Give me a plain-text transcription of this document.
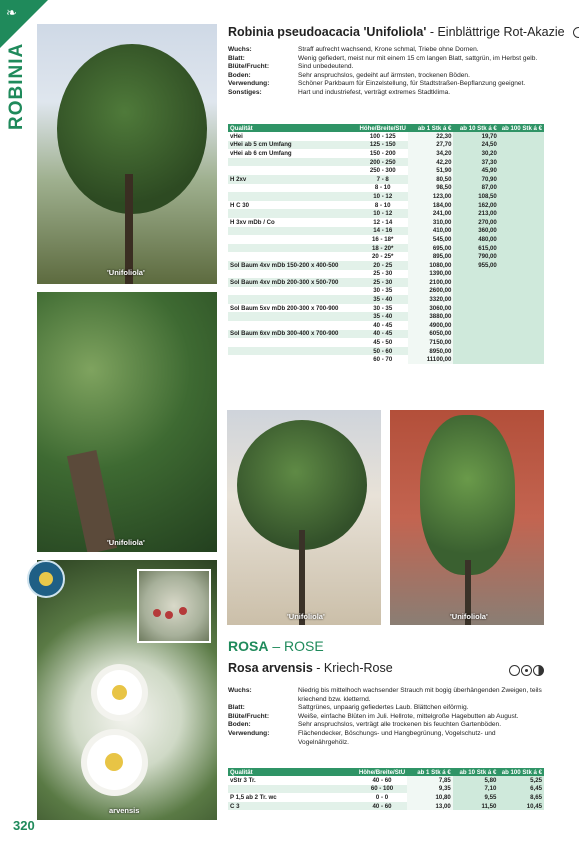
❧
ROBINIA
'Unifoliola'
'Unifoliola'
arvensis
'Unifoliola'	'Unifoliola'
Robinia pseudoacacia 'Unifoliola' - Einblättrige Rot-Akazie
Wuchs:	Straff aufrecht wachsend, Krone schmal, Triebe ohne Dornen.
Blatt:	Wenig gefiedert, meist nur mit einem 15 cm langen Blatt, sattgrün, im Herbst gelb.
Blüte/Frucht:	Sind unbedeutend.
Boden:	Sehr anspruchslos, gedeiht auf ärmsten, trockenen Böden.
Verwendung:	Schöner Parkbaum für Einzelstellung, für Stadtstraßen-Bepflanzung geeignet.
Sonstiges:	Hart und industriefest, verträgt extremes Stadtklima.
Qualität	Höhe/Breite/StU	ab 1 Stk á €	ab 10 Stk á €	ab 100 Stk á €
vHei	100 - 125	22,30	19,70	
vHei ab 5 cm Umfang	125 - 150	27,70	24,50	
vHei ab 6 cm Umfang	150 - 200	34,20	30,20	
	200 - 250	42,20	37,30	
	250 - 300	51,90	45,90	
H 2xv	7 - 8	80,50	70,90	
	8 - 10	98,50	87,00	
	10 - 12	123,00	108,50	
H C 30	8 - 10	184,00	162,00	
	10 - 12	241,00	213,00	
H 3xv mDb / Co	12 - 14	310,00	270,00	
	14 - 16	410,00	360,00	
	16 - 18*	545,00	480,00	
	18 - 20*	695,00	615,00	
	20 - 25*	895,00	790,00	
Sol Baum 4xv mDb 150-200 x 400-500	20 - 25	1080,00	955,00	
	25 - 30	1390,00		
Sol Baum 4xv mDb 200-300 x 500-700	25 - 30	2100,00		
	30 - 35	2600,00		
	35 - 40	3320,00		
Sol Baum 5xv mDb 200-300 x 700-900	30 - 35	3060,00		
	35 - 40	3880,00		
	40 - 45	4900,00		
Sol Baum 6xv mDb 300-400 x 700-900	40 - 45	6050,00		
	45 - 50	7150,00		
	50 - 60	8950,00		
	60 - 70	11100,00		
ROSA – ROSE
Rosa arvensis - Kriech-Rose
Wuchs:	Niedrig bis mittelhoch wachsender Strauch mit bogig überhängenden Zweigen, teils kriechend bzw. kletternd.
Blatt:	Sattgrünes, unpaarig gefiedertes Laub. Blättchen eiförmig.
Blüte/Frucht:	Weiße, einfache Blüten im Juli. Hellrote, mittelgroße Hagebutten ab August.
Boden:	Sehr anspruchslos, verträgt alle trockenen bis feuchten Gartenböden.
Verwendung:	Flächendecker, Böschungs- und Hangbegrünung, Vogelschutz- und Vogelnährgehölz.
Qualität	Höhe/Breite/StU	ab 1 Stk á €	ab 10 Stk á €	ab 100 Stk á €
vStr 3 Tr.	40 - 60	7,85	5,80	5,25
	60 - 100	9,35	7,10	6,45
P 1,5 ab 2 Tr. wc	0 - 0	10,80	9,55	8,65
C 3	40 - 60	13,00	11,50	10,45
320
